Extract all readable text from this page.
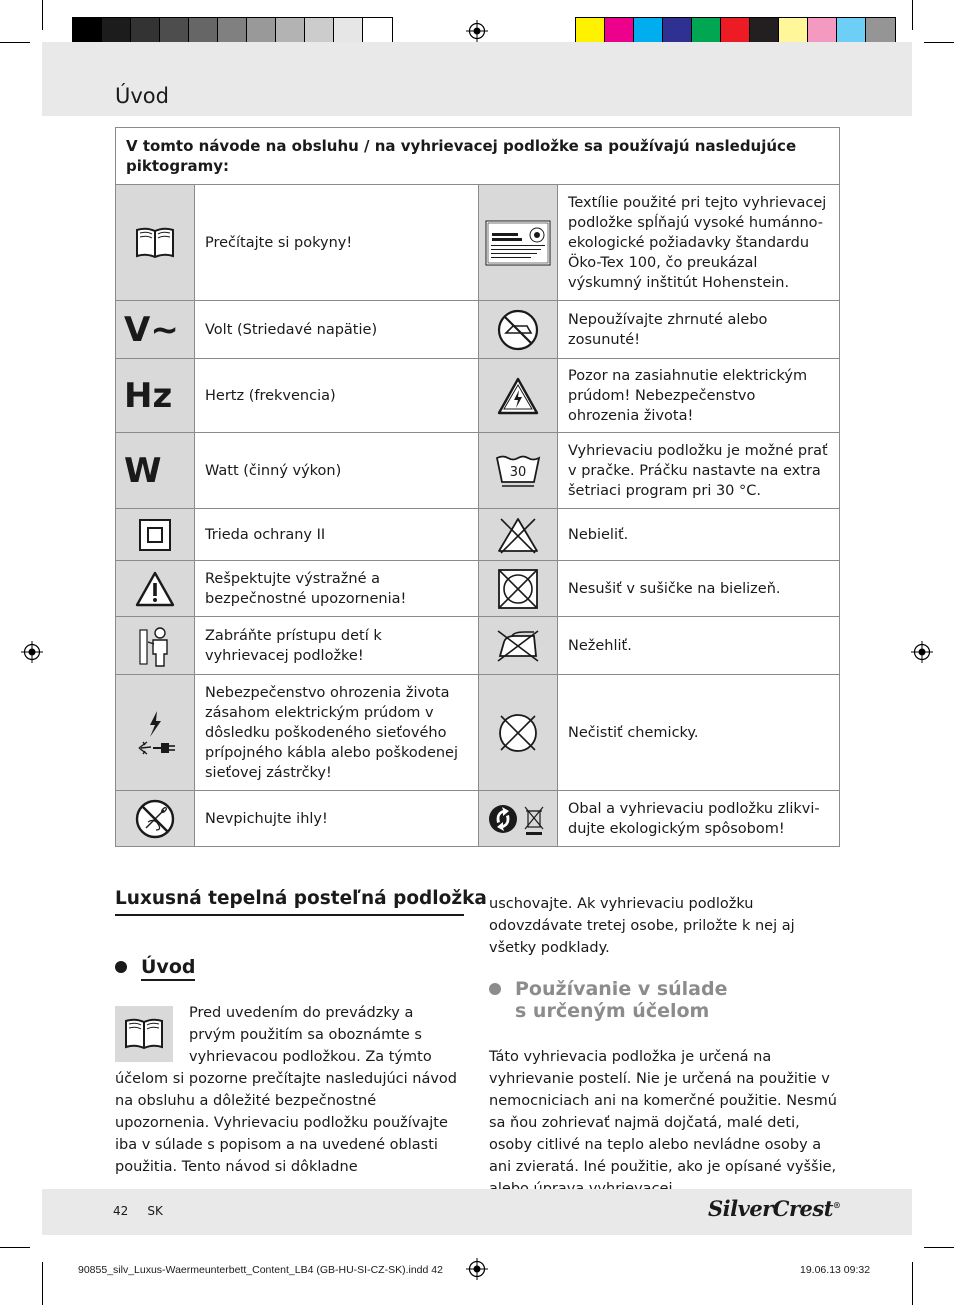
Úvod
V tomto návode na obsluhu / na vyhrievacej podložke sa používajú nasledujúce piktogramy:			

	Prečítajte si pokyny!		Textílie použité pri tejto vyhrievacej podložke spĺňajú vysoké humánno-ekologické požiadavky štandardu Öko-Tex 100, čo preukázal výskumný inštitút Hohenstein.

V~	Volt (Striedavé napätie)		Nepoužívajte zhrnuté alebo zosunuté!

Hz	Hertz (frekvencia)		Pozor na zasiahnutie elektrickým prúdom! Nebezpečenstvo ohrozenia života!

W	Watt (činný výkon)	30	Vyhrievaciu podložku je možné prať v pračke. Práčku nastavte na extra šetriaci program pri 30 °C.

	Trieda ochrany II		Nebieliť.

	Rešpektujte výstražné a bezpečnostné upozornenia!		Nesušiť v sušičke na bielizeň.

	Zabráňte prístupu detí k vyhrievacej podložke!		Nežehliť.

	Nebezpečenstvo ohrozenia života zásahom elektrickým prúdom v dôsledku poškodeného sieťového prípojného kábla alebo poškodenej sieťovej zástrčky!		Nečistiť chemicky.

	Nevpichujte ihly!		Obal a vyhrievaciu podložku zlikvi-dujte ekologickým spôsobom!
Luxusná tepelná posteľná podložka
Úvod
Pred uvedením do prevádzky a prvým použitím sa oboznámte s vyhrievacou podložkou. Za týmto účelom si pozorne prečítajte nasledujúci návod na obsluhu a dôležité bezpečnostné upozornenia. Vyhrievaciu podložku používajte iba v súlade s popisom a na uvedené oblasti použitia. Tento návod si dôkladne
uschovajte. Ak vyhrievaciu podložku odovzdávate tretej osobe, priložte k nej aj všetky podklady.
Používanie v súlade
s určeným účelom
Táto vyhrievacia podložka je určená na vyhrievanie postelí. Nie je určená na použitie v nemocniciach ani na komerčné použitie. Nesmú sa ňou zohrievať najmä dojčatá, malé deti, osoby citlivé na teplo alebo nevládne osoby a ani zvieratá. Iné použitie, ako je opísané vyššie,
42 SK	SilverCrest®
90855_silv_Luxus-Waermeunterbett_Content_LB4 (GB-HU-SI-CZ-SK).indd 42	19.06.13 09:32
